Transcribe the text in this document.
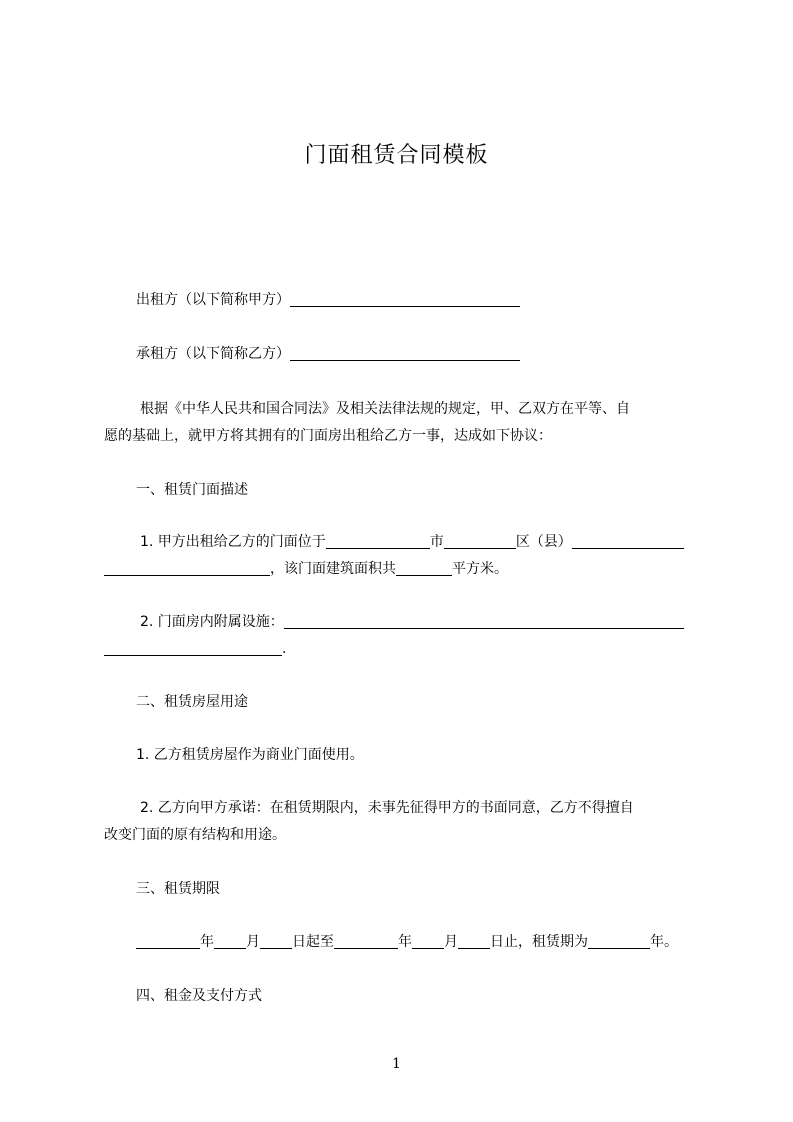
门面租赁合同模板
出租方（以下简称甲方）
承租方（以下简称乙方）
根据《中华人民共和国合同法》及相关法律法规的规定，甲、乙双方在平等、自
愿的基础上，就甲方将其拥有的门面房出租给乙方一事，达成如下协议：
一、租赁门面描述
1. 甲方出租给乙方的门面位于	市	区（县）
，该门面建筑面积共	平方米。
2. 门面房内附属设施：
.
二、租赁房屋用途
1. 乙方租赁房屋作为商业门面使用。
2. 乙方向甲方承诺：在租赁期限内，未事先征得甲方的书面同意，乙方不得擅自
改变门面的原有结构和用途。
三、租赁期限
年 月 日起至	年 月 日止，租赁期为	年。
四、租金及支付方式
1
